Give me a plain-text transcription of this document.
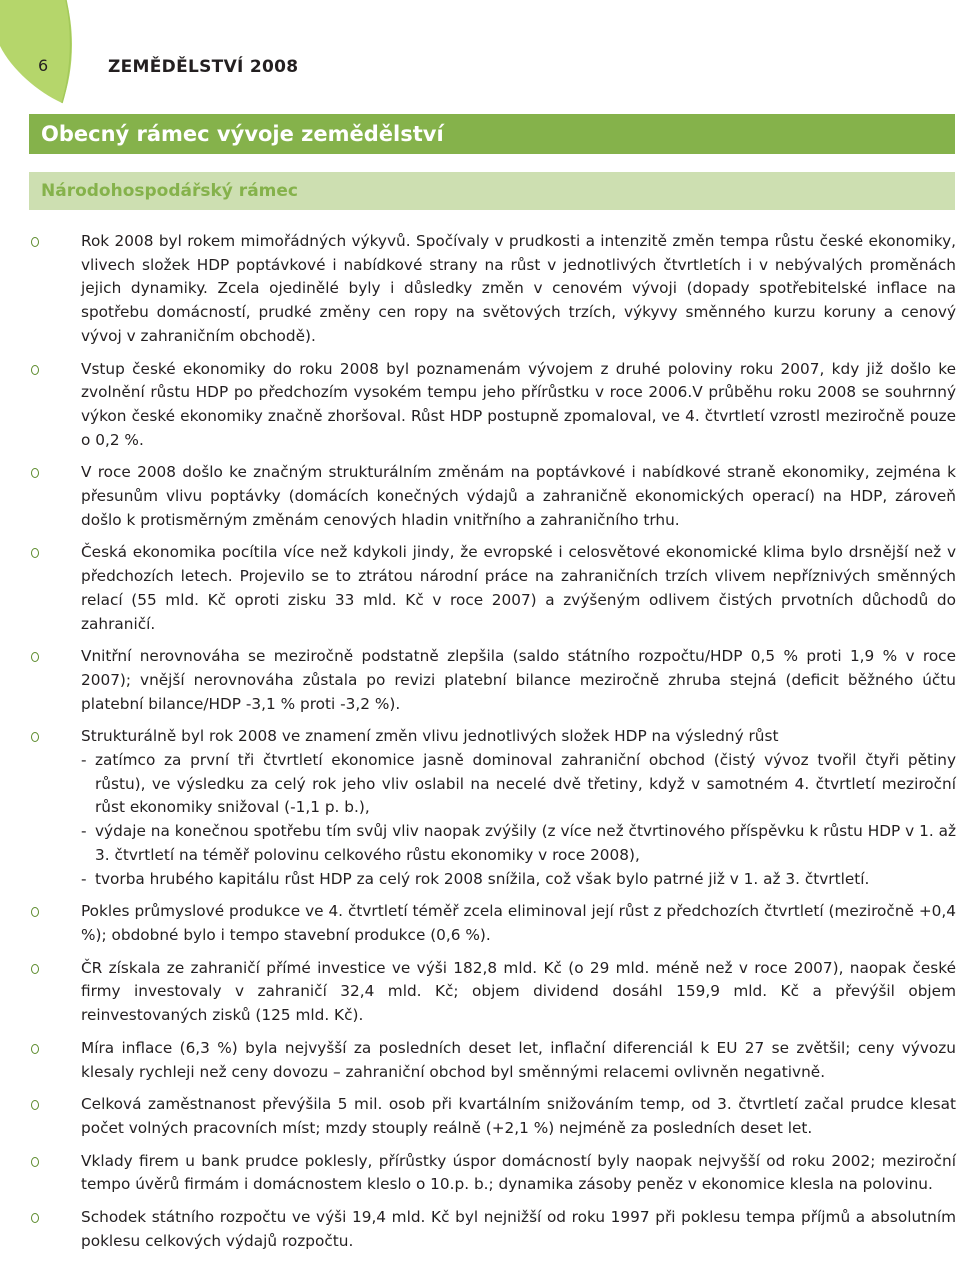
6	ZEMĚDĚLSTVÍ 2008
Obecný rámec vývoje zemědělství
Národohospodářský rámec
Rok 2008 byl rokem mimořádných výkyvů. Spočívaly v prudkosti a intenzitě změn tempa růstu české ekonomiky, vlivech složek HDP poptávkové i nabídkové strany na růst v jednotlivých čtvrtletích i v nebývalých proměnách jejich dynamiky. Zcela ojedinělé byly i důsledky změn v cenovém vývoji (dopady spotřebitelské inflace na spotřebu domácností, prudké změny cen ropy na světových trzích, výkyvy směnného kurzu koruny a cenový vývoj v zahraničním obchodě).
Vstup české ekonomiky do roku 2008 byl poznamenám vývojem z druhé poloviny roku 2007, kdy již došlo ke zvolnění růstu HDP po předchozím vysokém tempu jeho přírůstku v roce 2006.V průběhu roku 2008 se souhrnný výkon české ekonomiky značně zhoršoval. Růst HDP postupně zpomaloval, ve 4. čtvrtletí vzrostl meziročně pouze o 0,2 %.
V roce 2008 došlo ke značným strukturálním změnám na poptávkové i nabídkové straně ekonomiky, zejména k přesunům vlivu poptávky (domácích konečných výdajů a zahraničně ekonomických operací) na HDP, zároveň došlo k protisměrným změnám cenových hladin vnitřního a zahraničního trhu.
Česká ekonomika pocítila více než kdykoli jindy, že evropské i celosvětové ekonomické klima bylo drsnější než v předchozích letech. Projevilo se to ztrátou národní práce na zahraničních trzích vlivem nepříznivých směnných relací (55 mld. Kč oproti zisku 33 mld. Kč v roce 2007) a zvýšeným odlivem čistých prvotních důchodů do zahraničí.
Vnitřní nerovnováha se meziročně podstatně zlepšila (saldo státního rozpočtu/HDP 0,5 % proti 1,9 % v roce 2007); vnější nerovnováha zůstala po revizi platební bilance meziročně zhruba stejná (deficit běžného účtu platební bilance/HDP -3,1 % proti -3,2 %).
Strukturálně byl rok 2008 ve znamení změn vlivu jednotlivých složek HDP na výsledný růst
- zatímco za první tři čtvrtletí ekonomice jasně dominoval zahraniční obchod (čistý vývoz tvořil čtyři pětiny růstu), ve výsledku za celý rok jeho vliv oslabil na necelé dvě třetiny, když v samotném 4. čtvrtletí meziroční růst ekonomiky snižoval (-1,1 p. b.),
- výdaje na konečnou spotřebu tím svůj vliv naopak zvýšily (z více než čtvrtinového příspěvku k růstu HDP v 1. až 3. čtvrtletí na téměř polovinu celkového růstu ekonomiky v roce 2008),
- tvorba hrubého kapitálu růst HDP za celý rok 2008 snížila, což však bylo patrné již v 1. až 3. čtvrtletí.
Pokles průmyslové produkce ve 4. čtvrtletí téměř zcela eliminoval její růst z předchozích čtvrtletí (meziročně +0,4 %); obdobné bylo i tempo stavební produkce (0,6 %).
ČR získala ze zahraničí přímé investice ve výši 182,8 mld. Kč (o 29 mld. méně než v roce 2007), naopak české firmy investovaly v zahraničí 32,4 mld. Kč; objem dividend dosáhl 159,9 mld. Kč a převýšil objem reinvestovaných zisků (125 mld. Kč).
Míra inflace (6,3 %) byla nejvyšší za posledních deset let, inflační diferenciál k EU 27 se zvětšil; ceny vývozu klesaly rychleji než ceny dovozu – zahraniční obchod byl směnnými relacemi ovlivněn negativně.
Celková zaměstnanost převýšila 5 mil. osob při kvartálním snižováním temp, od 3. čtvrtletí začal prudce klesat počet volných pracovních míst; mzdy stouply reálně (+2,1 %) nejméně za posledních deset let.
Vklady firem u bank prudce poklesly, přírůstky úspor domácností byly naopak nejvyšší od roku 2002; meziroční tempo úvěrů firmám i domácnostem kleslo o 10.p. b.; dynamika zásoby peněz v ekonomice klesla na polovinu.
Schodek státního rozpočtu ve výši 19,4 mld. Kč byl nejnižší od roku 1997 při poklesu tempa příjmů a absolutním poklesu celkových výdajů rozpočtu.
